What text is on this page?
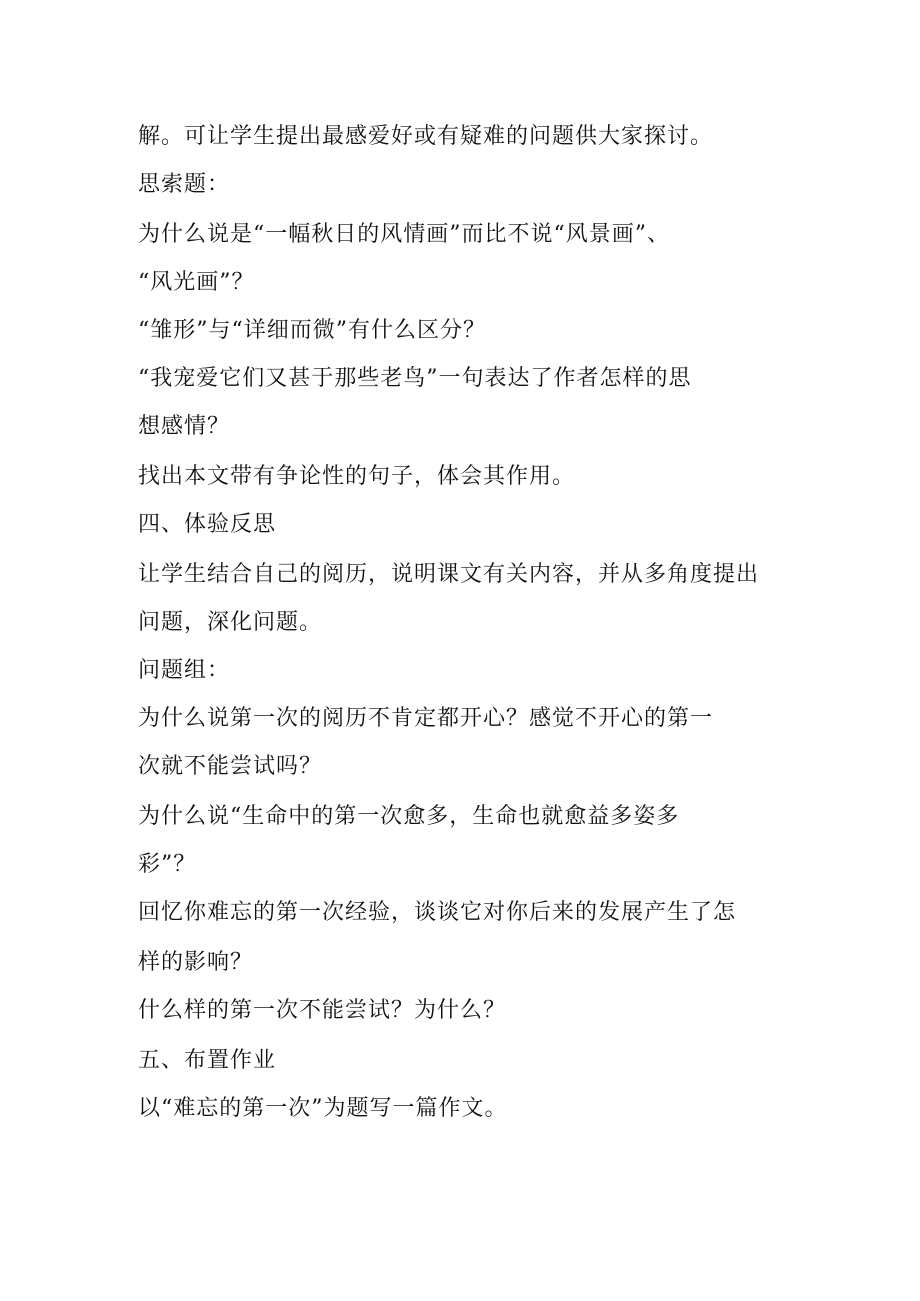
解。可让学生提出最感爱好或有疑难的问题供大家探讨。
思索题：
为什么说是“一幅秋日的风情画”而比不说“风景画”、
“风光画”？
“雏形”与“详细而微”有什么区分？
“我宠爱它们又甚于那些老鸟”一句表达了作者怎样的思
想感情？
找出本文带有争论性的句子，体会其作用。
四、体验反思
让学生结合自己的阅历，说明课文有关内容，并从多角度提出
问题，深化问题。
问题组：
为什么说第一次的阅历不肯定都开心？感觉不开心的第一
次就不能尝试吗？
为什么说“生命中的第一次愈多，生命也就愈益多姿多
彩”？
回忆你难忘的第一次经验，谈谈它对你后来的发展产生了怎
样的影响？
什么样的第一次不能尝试？为什么？
五、布置作业
以“难忘的第一次”为题写一篇作文。
